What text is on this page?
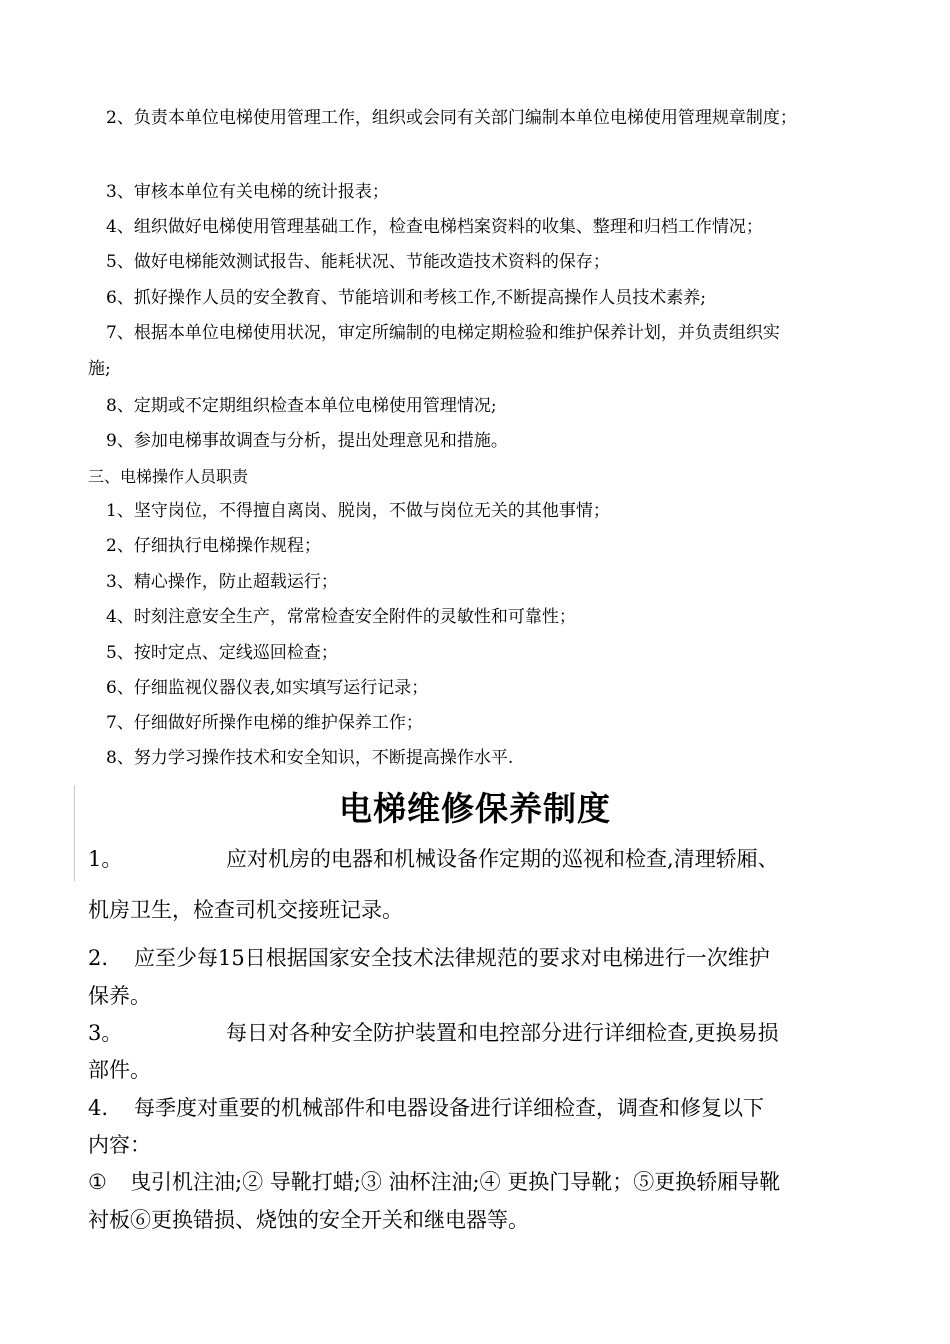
2、负责本单位电梯使用管理工作，组织或会同有关部门编制本单位电梯使用管理规章制度；
3、审核本单位有关电梯的统计报表；
4、组织做好电梯使用管理基础工作，检查电梯档案资料的收集、整理和归档工作情况；
5、做好电梯能效测试报告、能耗状况、节能改造技术资料的保存；
6、抓好操作人员的安全教育、节能培训和考核工作,不断提高操作人员技术素养;
7、根据本单位电梯使用状况，审定所编制的电梯定期检验和维护保养计划，并负责组织实
施;
8、定期或不定期组织检查本单位电梯使用管理情况;
9、参加电梯事故调查与分析，提出处理意见和措施。
三、电梯操作人员职责
1、坚守岗位，不得擅自离岗、脱岗，不做与岗位无关的其他事情；
2、仔细执行电梯操作规程；
3、精心操作，防止超载运行；
4、时刻注意安全生产，常常检查安全附件的灵敏性和可靠性；
5、按时定点、定线巡回检查；
6、仔细监视仪器仪表,如实填写运行记录；
7、仔细做好所操作电梯的维护保养工作；
8、努力学习操作技术和安全知识，不断提高操作水平.
电梯维修保养制度
1。	应对机房的电器和机械设备作定期的巡视和检查,清理轿厢、
机房卫生，检查司机交接班记录。
2. 应至少每15日根据国家安全技术法律规范的要求对电梯进行一次维护
保养。
3。	每日对各种安全防护装置和电控部分进行详细检查,更换易损
部件。
4. 每季度对重要的机械部件和电器设备进行详细检查，调查和修复以下
内容：
① 曳引机注油;② 导靴打蜡;③ 油杯注油;④ 更换门导靴；⑤更换轿厢导靴
衬板⑥更换错损、烧蚀的安全开关和继电器等。
